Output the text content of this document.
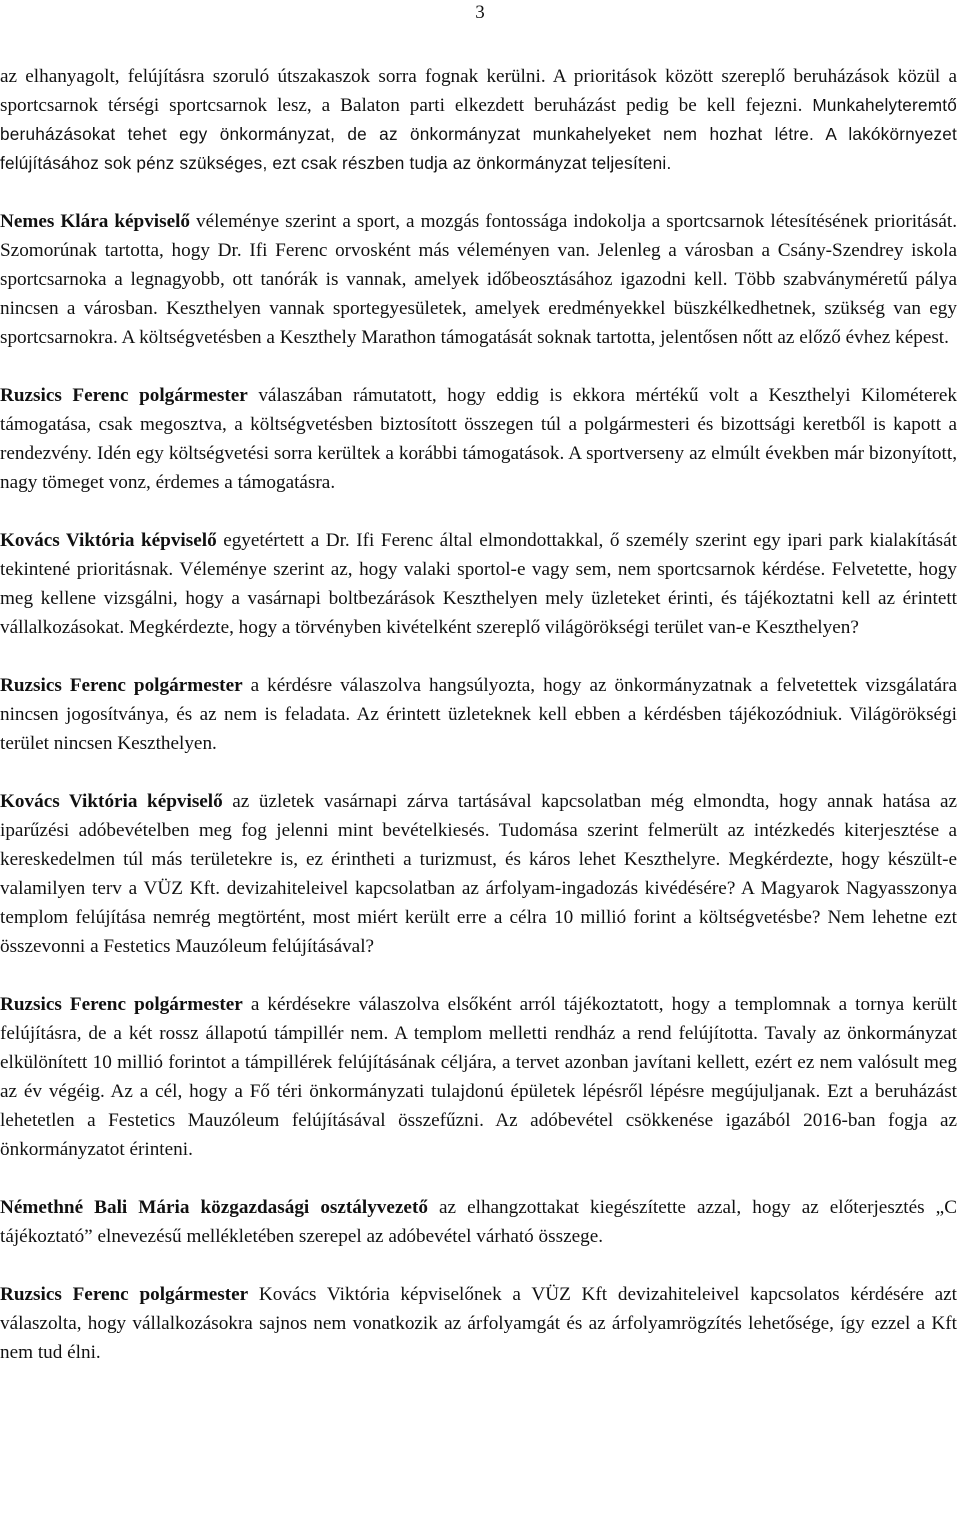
3

az elhanyagolt, felújításra szoruló útszakaszok sorra fognak kerülni. A prioritások között szereplő beruházások közül a sportcsarnok térségi sportcsarnok lesz, a Balaton parti elkezdett beruházást pedig be kell fejezni. Munkahelyteremtő beruházásokat tehet egy önkormányzat, de az önkormányzat munkahelyeket nem hozhat létre. A lakókörnyezet felújításához sok pénz szükséges, ezt csak részben tudja az önkormányzat teljesíteni.

Nemes Klára képviselő véleménye szerint a sport, a mozgás fontossága indokolja a sportcsarnok létesítésének prioritását. Szomorúnak tartotta, hogy Dr. Ifi Ferenc orvosként más véleményen van. Jelenleg a városban a Csány-Szendrey iskola sportcsarnoka a legnagyobb, ott tanórák is vannak, amelyek időbeosztásához igazodni kell. Több szabványméretű pálya nincsen a városban. Keszthelyen vannak sportegyesületek, amelyek eredményekkel büszkélkedhetnek, szükség van egy sportcsarnokra. A költségvetésben a Keszthely Marathon támogatását soknak tartotta, jelentősen nőtt az előző évhez képest.

Ruzsics Ferenc polgármester válaszában rámutatott, hogy eddig is ekkora mértékű volt a Keszthelyi Kilométerek támogatása, csak megosztva, a költségvetésben biztosított összegen túl a polgármesteri és bizottsági keretből is kapott a rendezvény. Idén egy költségvetési sorra kerültek a korábbi támogatások. A sportverseny az elmúlt években már bizonyított, nagy tömeget vonz, érdemes a támogatásra.

Kovács Viktória képviselő egyetértett a Dr. Ifi Ferenc által elmondottakkal, ő személy szerint egy ipari park kialakítását tekintené prioritásnak. Véleménye szerint az, hogy valaki sportol-e vagy sem, nem sportcsarnok kérdése. Felvetette, hogy meg kellene vizsgálni, hogy a vasárnapi boltbezárások Keszthelyen mely üzleteket érinti, és tájékoztatni kell az érintett vállalkozásokat. Megkérdezte, hogy a törvényben kivételként szereplő világörökségi terület van-e Keszthelyen?

Ruzsics Ferenc polgármester a kérdésre válaszolva hangsúlyozta, hogy az önkormányzatnak a felvetettek vizsgálatára nincsen jogosítványa, és az nem is feladata. Az érintett üzleteknek kell ebben a kérdésben tájékozódniuk. Világörökségi terület nincsen Keszthelyen.

Kovács Viktória képviselő az üzletek vasárnapi zárva tartásával kapcsolatban még elmondta, hogy annak hatása az iparűzési adóbevételben meg fog jelenni mint bevételkiesés. Tudomása szerint felmerült az intézkedés kiterjesztése a kereskedelmen túl más területekre is, ez érintheti a turizmust, és káros lehet Keszthelyre. Megkérdezte, hogy készült-e valamilyen terv a VÜZ Kft. devizahiteleivel kapcsolatban az árfolyam-ingadozás kivédésére? A Magyarok Nagyasszonya templom felújítása nemrég megtörtént, most miért került erre a célra 10 millió forint a költségvetésbe? Nem lehetne ezt összevonni a Festetics Mauzóleum felújításával?

Ruzsics Ferenc polgármester a kérdésekre válaszolva elsőként arról tájékoztatott, hogy a templomnak a tornya került felújításra, de a két rossz állapotú támpillér nem. A templom melletti rendház a rend felújította. Tavaly az önkormányzat elkülönített 10 millió forintot a támpillérek felújításának céljára, a tervet azonban javítani kellett, ezért ez nem valósult meg az év végéig. Az a cél, hogy a Fő téri önkormányzati tulajdonú épületek lépésről lépésre megújuljanak. Ezt a beruházást lehetetlen a Festetics Mauzóleum felújításával összefűzni. Az adóbevétel csökkenése igazából 2016-ban fogja az önkormányzatot érinteni.

Némethné Bali Mária közgazdasági osztályvezető az elhangzottakat kiegészítette azzal, hogy az előterjesztés „C tájékoztató” elnevezésű mellékletében szerepel az adóbevétel várható összege.

Ruzsics Ferenc polgármester Kovács Viktória képviselőnek a VÜZ Kft devizahiteleivel kapcsolatos kérdésére azt válaszolta, hogy vállalkozásokra sajnos nem vonatkozik az árfolyamgát és az árfolyamrögzítés lehetősége, így ezzel a Kft nem tud élni.
